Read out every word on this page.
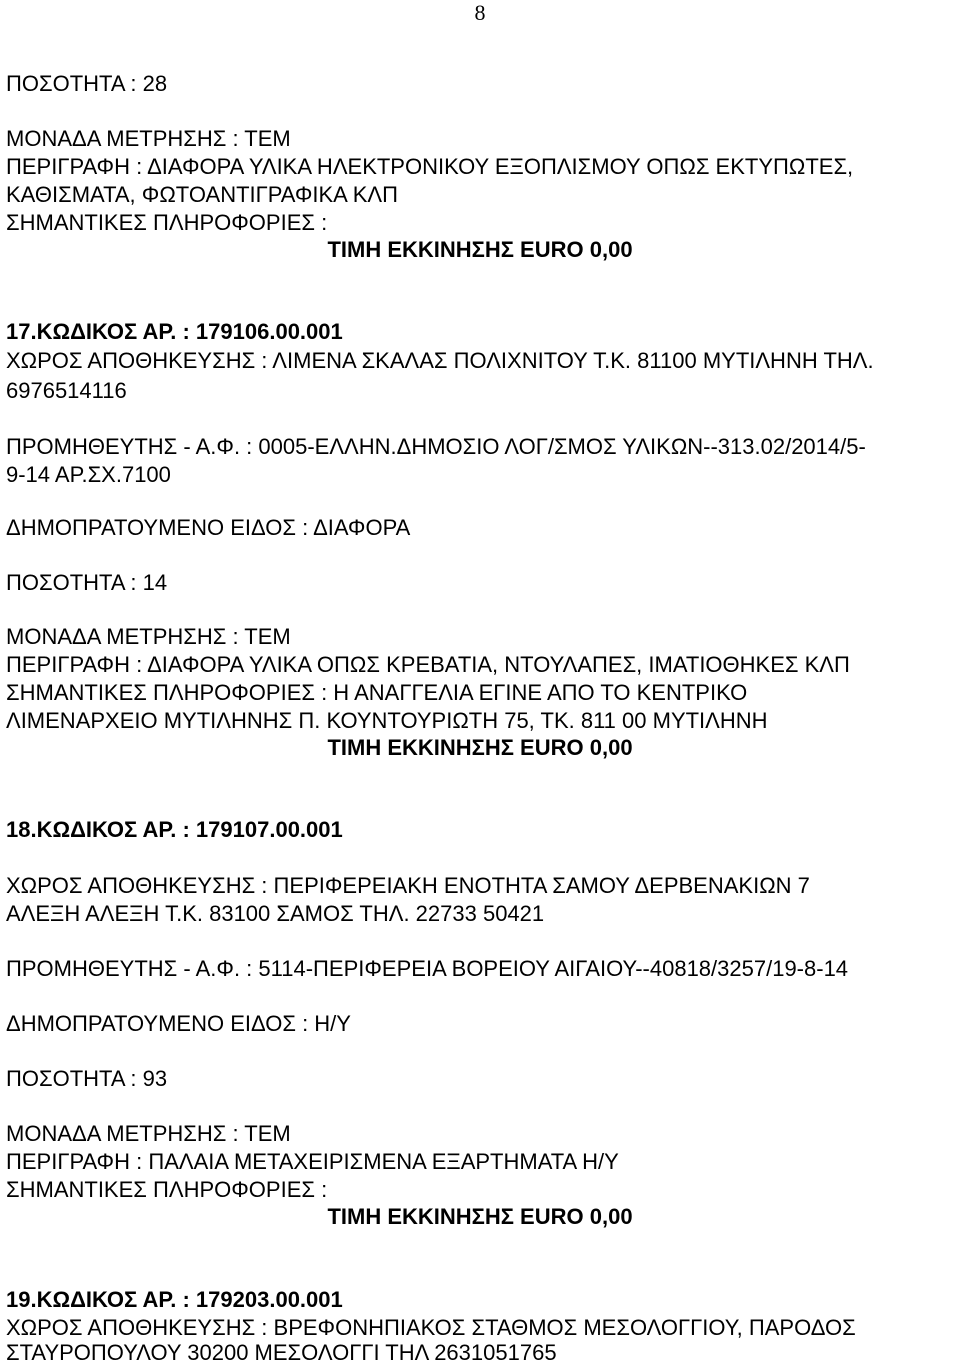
8

ΠΟΣΟΤΗΤΑ : 28

ΜΟΝΑΔΑ ΜΕΤΡΗΣΗΣ : ΤΕΜ

ΠΕΡΙΓΡΑΦΗ : ΔΙΑΦΟΡΑ ΥΛΙΚΑ ΗΛΕΚΤΡΟΝΙΚΟΥ ΕΞΟΠΛΙΣΜΟΥ ΟΠΩΣ ΕΚΤΥΠΩΤΕΣ,

ΚΑΘΙΣΜΑΤΑ, ΦΩΤΟΑΝΤΙΓΡΑΦΙΚΑ ΚΛΠ

ΣΗΜΑΝΤΙΚΕΣ ΠΛΗΡΟΦΟΡΙΕΣ :

ΤΙΜΗ ΕΚΚΙΝΗΣΗΣ EURO 0,00

17.ΚΩΔΙΚΟΣ ΑΡ. : 179106.00.001

ΧΩΡΟΣ ΑΠΟΘΗΚΕΥΣΗΣ : ΛΙΜΕΝΑ ΣΚΑΛΑΣ ΠΟΛΙΧΝΙΤΟΥ Τ.Κ. 81100 ΜΥΤΙΛΗΝΗ ΤΗΛ.

6976514116

ΠΡΟΜΗΘΕΥΤΗΣ - Α.Φ. : 0005-ΕΛΛΗΝ.ΔΗΜΟΣΙΟ ΛΟΓ/ΣΜΟΣ ΥΛΙΚΩΝ--313.02/2014/5-

9-14 ΑΡ.ΣΧ.7100

ΔΗΜΟΠΡΑΤΟΥΜΕΝΟ ΕΙΔΟΣ : ΔΙΑΦΟΡΑ

ΠΟΣΟΤΗΤΑ : 14

ΜΟΝΑΔΑ ΜΕΤΡΗΣΗΣ : ΤΕΜ

ΠΕΡΙΓΡΑΦΗ : ΔΙΑΦΟΡΑ ΥΛΙΚΑ ΟΠΩΣ ΚΡΕΒΑΤΙΑ, ΝΤΟΥΛΑΠΕΣ, ΙΜΑΤΙΟΘΗΚΕΣ ΚΛΠ

ΣΗΜΑΝΤΙΚΕΣ ΠΛΗΡΟΦΟΡΙΕΣ : Η ΑΝΑΓΓΕΛΙΑ ΕΓΙΝΕ ΑΠΟ ΤΟ ΚΕΝΤΡΙΚΟ

ΛΙΜΕΝΑΡΧΕΙΟ ΜΥΤΙΛΗΝΗΣ Π. ΚΟΥΝΤΟΥΡΙΩΤΗ 75, ΤΚ. 811 00 ΜΥΤΙΛΗΝΗ

ΤΙΜΗ ΕΚΚΙΝΗΣΗΣ EURO 0,00

18.ΚΩΔΙΚΟΣ ΑΡ. : 179107.00.001

ΧΩΡΟΣ ΑΠΟΘΗΚΕΥΣΗΣ : ΠΕΡΙΦΕΡΕΙΑΚΗ ΕΝΟΤΗΤΑ ΣΑΜΟΥ ΔΕΡΒΕΝΑΚΙΩΝ 7

ΑΛΕΞΗ ΑΛΕΞΗ Τ.Κ. 83100 ΣΑΜΟΣ ΤΗΛ. 22733 50421

ΠΡΟΜΗΘΕΥΤΗΣ - Α.Φ. : 5114-ΠΕΡΙΦΕΡΕΙΑ ΒΟΡΕΙΟΥ ΑΙΓΑΙΟΥ--40818/3257/19-8-14

ΔΗΜΟΠΡΑΤΟΥΜΕΝΟ ΕΙΔΟΣ : Η/Υ

ΠΟΣΟΤΗΤΑ : 93

ΜΟΝΑΔΑ ΜΕΤΡΗΣΗΣ : ΤΕΜ

ΠΕΡΙΓΡΑΦΗ : ΠΑΛΑΙΑ ΜΕΤΑΧΕΙΡΙΣΜΕΝΑ ΕΞΑΡΤΗΜΑΤΑ Η/Υ

ΣΗΜΑΝΤΙΚΕΣ ΠΛΗΡΟΦΟΡΙΕΣ :

ΤΙΜΗ ΕΚΚΙΝΗΣΗΣ EURO 0,00

19.ΚΩΔΙΚΟΣ ΑΡ. : 179203.00.001

ΧΩΡΟΣ ΑΠΟΘΗΚΕΥΣΗΣ : ΒΡΕΦΟΝΗΠΙΑΚΟΣ ΣΤΑΘΜΟΣ ΜΕΣΟΛΟΓΓΙΟΥ, ΠΑΡΟΔΟΣ

ΣΤΑΥΡΟΠΟΥΛΟΥ 30200 ΜΕΣΟΛΟΓΓΙ ΤΗΛ 2631051765
